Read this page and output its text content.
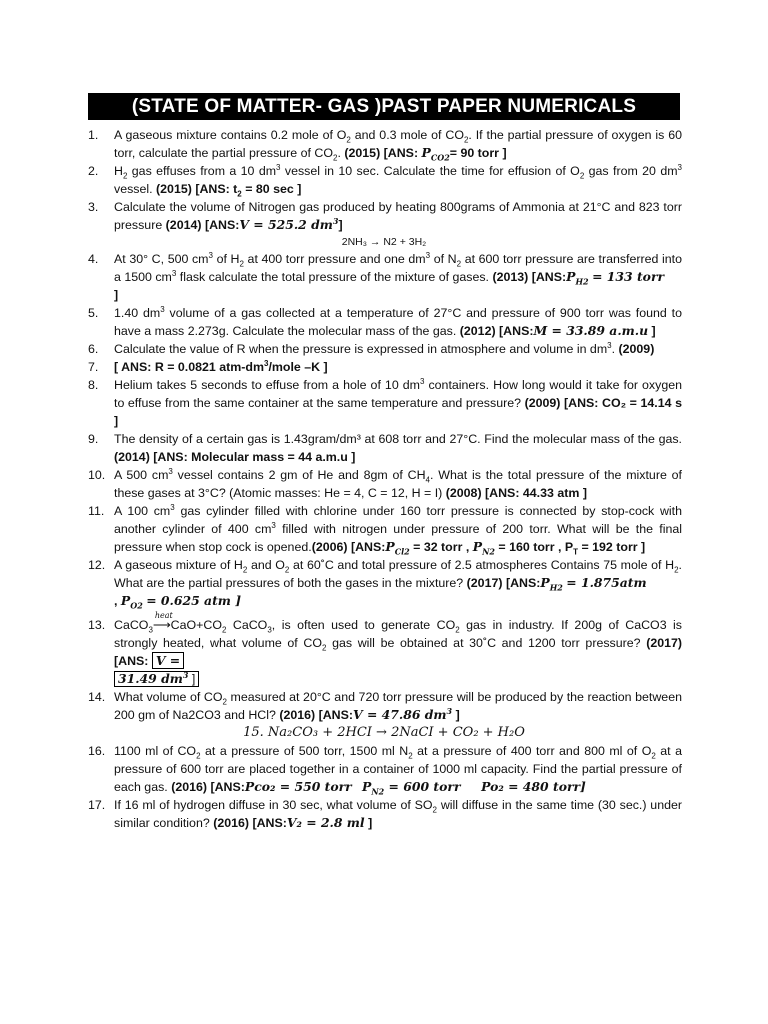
(STATE OF MATTER- GAS )PAST PAPER NUMERICALS
1.	A gaseous mixture contains 0.2 mole of $O_2$ and 0.3 mole of $CO_2$. If the partial pressure of oxygen is 60 torr, calculate the partial pressure of $CO_2$. (2015) [ANS: $P_{CO2}= 90$ torr ]
2.	$H_2$ gas effuses from a 10 $dm^3$ vessel in 10 sec. Calculate the time for effusion of $O_2$ gas from 20 $dm^3$ vessel. (2015) [ANS: $t_2 = 80$ sec ]
3.	Calculate the volume of Nitrogen gas produced by heating 800grams of Ammonia at 21°C and 823 torr pressure (2014) [ANS:V = 525.2 $dm^3$]
2NH₃ → N2 + 3H₂
4.	At 30° C, 500 $cm^3$ of $H_2$ at 400 torr pressure and one $dm^3$ of $N_2$ at 600 torr pressure are transferred into a 1500 $cm^3$ flask calculate the total pressure of the mixture of gases. (2013) [$ANS:P_{H2} = 133$ torr
]
5.	1.40 $dm^3$ volume of a gas collected at a temperature of 27°C and pressure of 900 torr was found to have a mass 2.273g. Calculate the molecular mass of the gas. (2012) [ANS:M = 33.89 a.m.u ]
6.	Calculate the value of R when the pressure is expressed in atmosphere and volume in $dm^3$. (2009)
7.	[ ANS: R = 0.0821 atm-$dm^3$/mole –K ]
8.	Helium takes 5 seconds to effuse from a hole of 10 $dm^3$ containers. How long would it take for oxygen to effuse from the same container at the same temperature and pressure? (2009) [ANS: CO₂ = 14.14 s ]
9.	The density of a certain gas is 1.43gram/dm³ at 608 torr and 27°C. Find the molecular mass of the gas. (2014) [ANS: Molecular mass = 44 a.m.u ]
10. A 500 $cm^3$ vessel contains 2 gm of He and 8gm of $CH_4$. What is the total pressure of the mixture of these gases at 3°C? (Atomic masses: He = 4, C = 12, H = I) (2008) [ANS: 44.33 atm ]
11. A 100 $cm^3$ gas cylinder filled with chlorine under 160 torr pressure is connected by stop-cock with another cylinder of 400 $cm^3$ filled with nitrogen under pressure of 200 torr. What will be the final pressure when stop cock is opened.(2006) [$ANS:P_{Cl2} = 32$ torr , $P_{N2} = 160$ torr , $P_T = 192$ torr ]
12. A gaseous mixture of $H_2$ and $O_2$ at 60˚C and total pressure of 2.5 atmospheres Contains 75 mole of $H_2$. What are the partial pressures of both the gases in the mixture? (2017) [$ANS:P_{H2} = 1.875atm$
, $P_{O2} = 0.625$ atm ]
13. CaCO$_3$
heat
$⟶CaO+CO_2$ CaCO$_3$, is often used to generate $CO_2$ gas in industry. If 200g of CaCO3 is strongly heated, what volume of $CO_2$ gas will be obtained at 30˚C and 1200 torr pressure? (2017) [ANS: V =
31.49 $dm^3$ ]
14. What volume of $CO_2$ measured at 20°C and 720 torr pressure will be produced by the reaction between 200 gm of Na2CO3 and HCl? (2016) [ANS:V = 47.86 $dm^3$ ]
15. Na₂CO₃ + 2HCI → 2NaCI + CO₂ + H₂O
16. 1100 ml of $CO_2$ at a pressure of 500 torr, 1500 ml $N_2$ at a pressure of 400 torr and 800 ml of $O_2$ at a pressure of 600 torr are placed together in a container of 1000 ml capacity. Find the partial pressure of each gas. (2016) [ANS:Pco₂ = 550 torr $P_{N2} = 600$ torr Po₂ = 480 torr]
17. If 16 ml of hydrogen diffuse in 30 sec, what volume of $SO_2$ will diffuse in the same time (30 sec.) under similar condition? (2016) [ANS:V₂ = 2.8 ml ]
